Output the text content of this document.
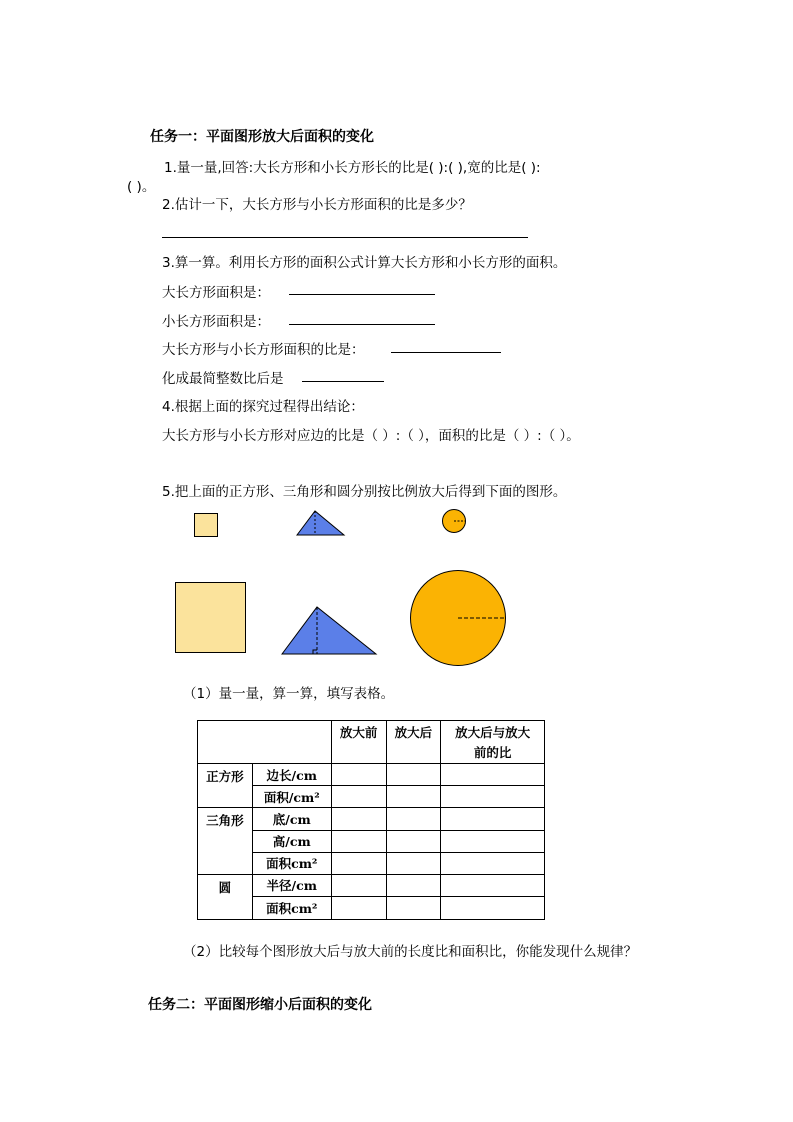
任务一：平面图形放大后面积的变化
1.量一量,回答:大长方形和小长方形长的比是( ):( ),宽的比是( ):
( )。
2.估计一下，大长方形与小长方形面积的比是多少？
3.算一算。利用长方形的面积公式计算大长方形和小长方形的面积。
大长方形面积是：
小长方形面积是：
大长方形与小长方形面积的比是：
化成最简整数比后是
4.根据上面的探究过程得出结论：
大长方形与小长方形对应边的比是（ ）:（ ），面积的比是（ ）:（ ）。
5.把上面的正方形、三角形和圆分别按比例放大后得到下面的图形。
（1）量一量，算一算，填写表格。
		放大前	放大后	放大后与放大
前的比

正方形	边长/cm			
	面积/cm²			
三角形	底/cm			
	高/cm			
	面积cm²			
圆	半径/cm			
	面积cm²			
（2）比较每个图形放大后与放大前的长度比和面积比，你能发现什么规律？
任务二：平面图形缩小后面积的变化
